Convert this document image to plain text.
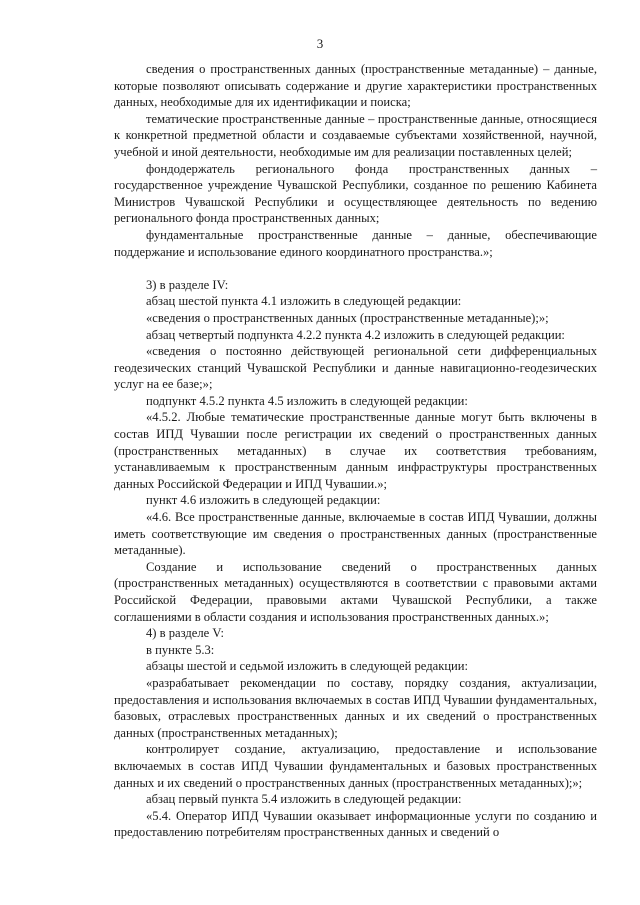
3

сведения о пространственных данных (пространственные метаданные) – данные, которые позволяют описывать содержание и другие характеристики пространственных данных, необходимые для их идентификации и поиска;

тематические пространственные данные – пространственные данные, относящиеся к конкретной предметной области и создаваемые субъектами хозяйственной, научной, учебной и иной деятельности, необходимые им для реализации поставленных целей;

фондодержатель регионального фонда пространственных данных – государственное учреждение Чувашской Республики, созданное по решению Кабинета Министров Чувашской Республики и осуществляющее деятельность по ведению регионального фонда пространственных данных;

фундаментальные пространственные данные – данные, обеспечивающие поддержание и использование единого координатного пространства.»;

3) в разделе IV:

абзац шестой пункта 4.1 изложить в следующей редакции:

«сведения о пространственных данных (пространственные метаданные);»;

абзац четвертый подпункта 4.2.2 пункта 4.2 изложить в следующей редакции:

«сведения о постоянно действующей региональной сети дифференциальных геодезических станций Чувашской Республики и данные навигационно-геодезических услуг на ее базе;»;

подпункт 4.5.2 пункта 4.5 изложить в следующей редакции:

«4.5.2. Любые тематические пространственные данные могут быть включены в состав ИПД Чувашии после регистрации их сведений о пространственных данных (пространственных метаданных) в случае их соответствия требованиям, устанавливаемым к пространственным данным инфраструктуры пространственных данных Российской Федерации и ИПД Чувашии.»;

пункт 4.6 изложить в следующей редакции:

«4.6. Все пространственные данные, включаемые в состав ИПД Чувашии, должны иметь соответствующие им сведения о пространственных данных (пространственные метаданные).

Создание и использование сведений о пространственных данных (пространственных метаданных) осуществляются в соответствии с правовыми актами Российской Федерации, правовыми актами Чувашской Республики, а также соглашениями в области создания и использования пространственных данных.»;

4) в разделе V:

в пункте 5.3:

абзацы шестой и седьмой изложить в следующей редакции:

«разрабатывает рекомендации по составу, порядку создания, актуализации, предоставления и использования включаемых в состав ИПД Чувашии фундаментальных, базовых, отраслевых пространственных данных и их сведений о пространственных данных (пространственных метаданных);

контролирует создание, актуализацию, предоставление и использование включаемых в состав ИПД Чувашии фундаментальных и базовых пространственных данных и их сведений о пространственных данных (пространственных метаданных);»;

абзац первый пункта 5.4 изложить в следующей редакции:

«5.4. Оператор ИПД Чувашии оказывает информационные услуги по созданию и предоставлению потребителям пространственных данных и сведений о
